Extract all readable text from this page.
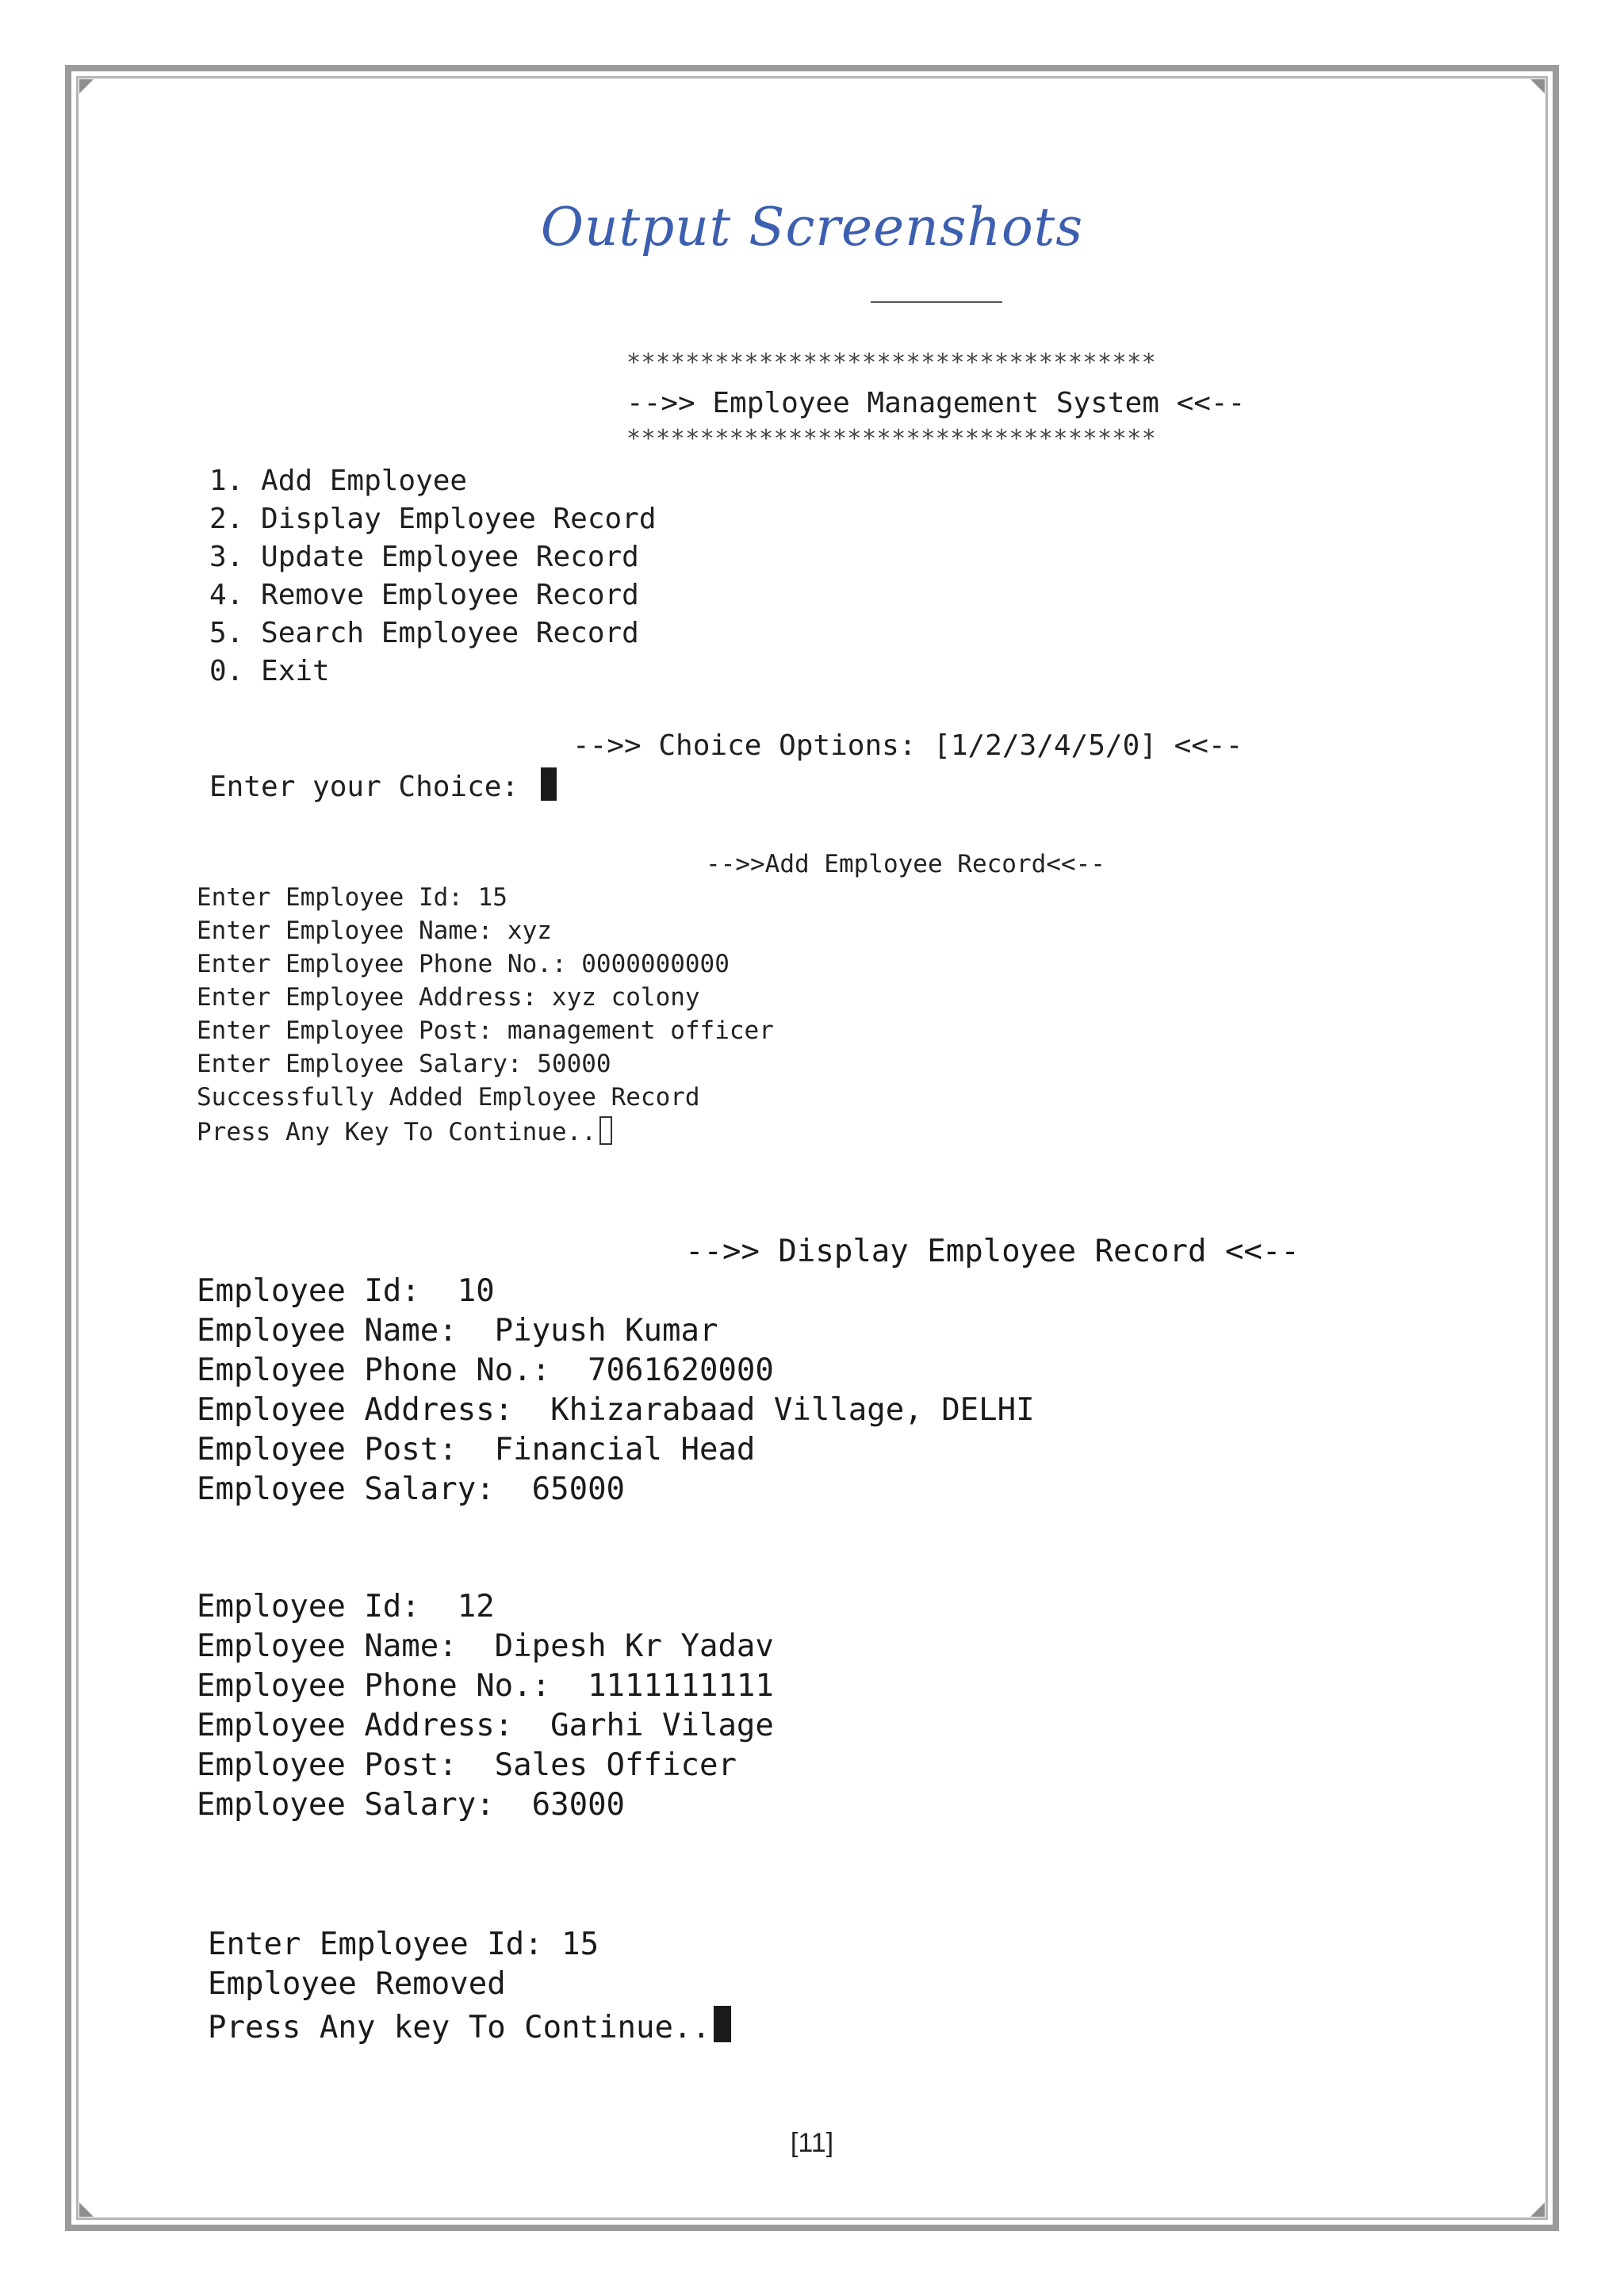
Output Screenshots
************************************
-->> Employee Management System <<--
************************************
1. Add Employee
2. Display Employee Record
3. Update Employee Record
4. Remove Employee Record
5. Search Employee Record
0. Exit
-->> Choice Options: [1/2/3/4/5/0] <<--
Enter your Choice:
-->>Add Employee Record<<--
Enter Employee Id: 15
Enter Employee Name: xyz
Enter Employee Phone No.: 0000000000
Enter Employee Address: xyz colony
Enter Employee Post: management officer
Enter Employee Salary: 50000
Successfully Added Employee Record
Press Any Key To Continue..
-->> Display Employee Record <<--
Employee Id:  10
Employee Name:  Piyush Kumar
Employee Phone No.:  7061620000
Employee Address:  Khizarabaad Village, DELHI
Employee Post:  Financial Head
Employee Salary:  65000
Employee Id:  12
Employee Name:  Dipesh Kr Yadav
Employee Phone No.:  1111111111
Employee Address:  Garhi Vilage
Employee Post:  Sales Officer
Employee Salary:  63000
Enter Employee Id: 15
Employee Removed
Press Any key To Continue..
[11]
